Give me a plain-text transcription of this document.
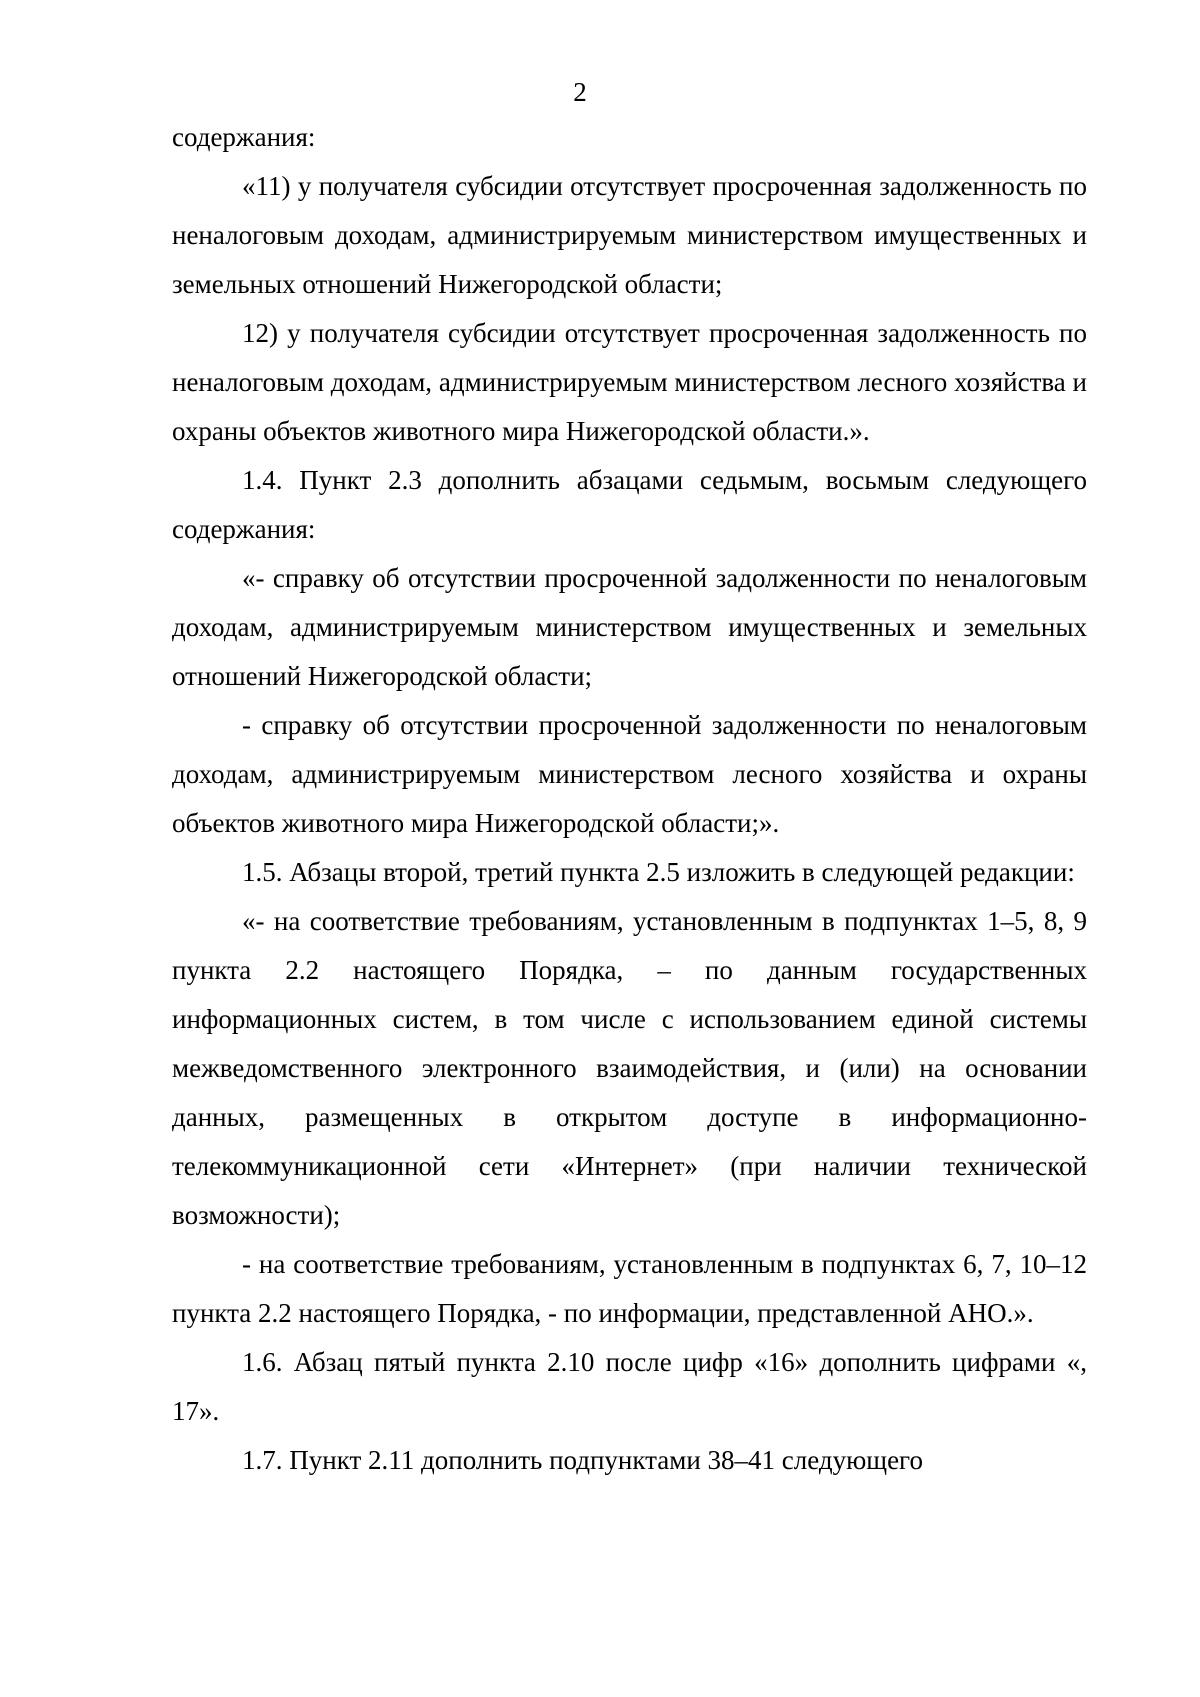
2

содержания:

«11) у получателя субсидии отсутствует просроченная задолженность по неналоговым доходам, администрируемым министерством имущественных и земельных отношений Нижегородской области;

12) у получателя субсидии отсутствует просроченная задолженность по неналоговым доходам, администрируемым министерством лесного хозяйства и охраны объектов животного мира Нижегородской области.».

1.4. Пункт 2.3 дополнить абзацами седьмым, восьмым следующего содержания:

«- справку об отсутствии просроченной задолженности по неналоговым доходам, администрируемым министерством имущественных и земельных отношений Нижегородской области;

- справку об отсутствии просроченной задолженности по неналоговым доходам, администрируемым министерством лесного хозяйства и охраны объектов животного мира Нижегородской области;».

1.5. Абзацы второй, третий пункта 2.5 изложить в следующей редакции:

«- на соответствие требованиям, установленным в подпунктах 1–5, 8, 9 пункта 2.2 настоящего Порядка, – по данным государственных информационных систем, в том числе с использованием единой системы межведомственного электронного взаимодействия, и (или) на основании данных, размещенных в открытом доступе в информационно-телекоммуникационной сети «Интернет» (при наличии технической возможности);

- на соответствие требованиям, установленным в подпунктах 6, 7, 10–12 пункта 2.2 настоящего Порядка, - по информации, представленной АНО.».

1.6. Абзац пятый пункта 2.10 после цифр «16» дополнить цифрами «, 17».

1.7. Пункт 2.11 дополнить подпунктами 38–41 следующего
